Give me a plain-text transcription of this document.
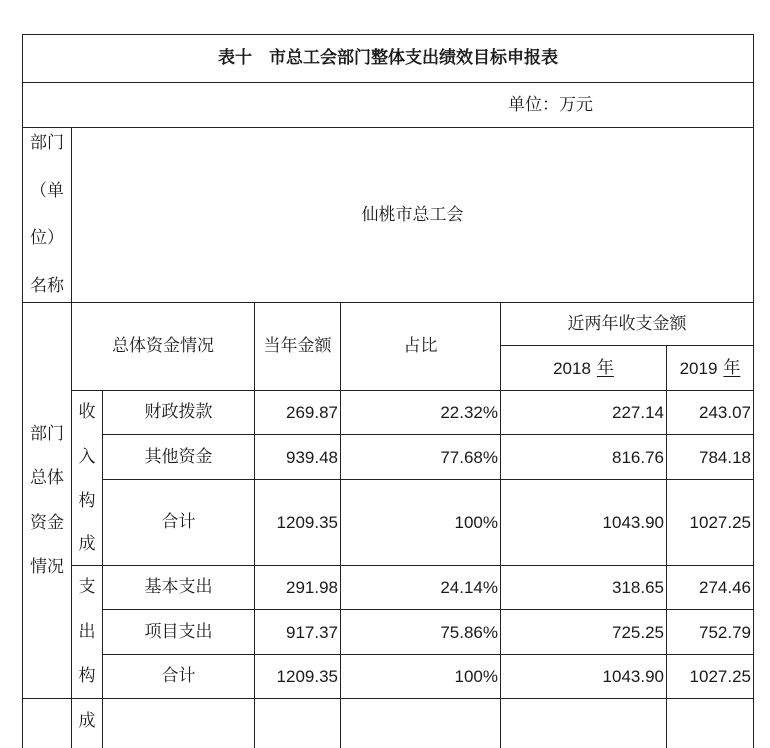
表十　市总工会部门整体支出绩效目标申报表
单位：万元
部门
（单
位）
名称
仙桃市总工会
部门
总体
资金
情况
总体资金情况	当年金额	占比
近两年收支金额
2018 年	2019 年
收
入
构
成
财政拨款	269.87	22.32%	227.14	243.07
其他资金	939.48	77.68%	816.76	784.18
合计	1209.35	100%	1043.90	1027.25
支
出
构
成
基本支出	291.98	24.14%	318.65	274.46
项目支出	917.37	75.86%	725.25	752.79
合计	1209.35	100%	1043.90	1027.25
